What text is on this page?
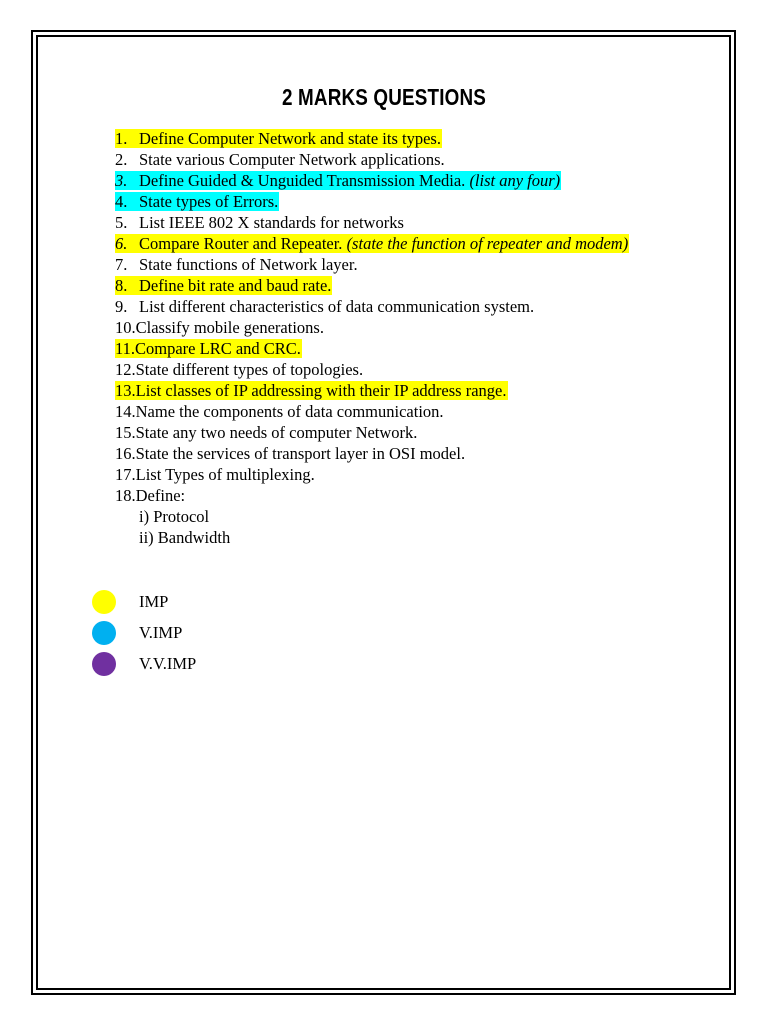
2 MARKS QUESTIONS
1. Define Computer Network and state its types.
2. State various Computer Network applications.
3. Define Guided & Unguided Transmission Media. (list any four)
4. State types of Errors.
5. List IEEE 802 X standards for networks
6. Compare Router and Repeater. (state the function of repeater and modem)
7. State functions of Network layer.
8. Define bit rate and baud rate.
9. List different characteristics of data communication system.
10.Classify mobile generations.
11.Compare LRC and CRC.
12.State different types of topologies.
13.List classes of IP addressing with their IP address range.
14.Name the components of data communication.
15.State any two needs of computer Network.
16.State the services of transport layer in OSI model.
17.List Types of multiplexing.
18.Define:
i) Protocol
ii) Bandwidth
IMP
V.IMP
V.V.IMP
